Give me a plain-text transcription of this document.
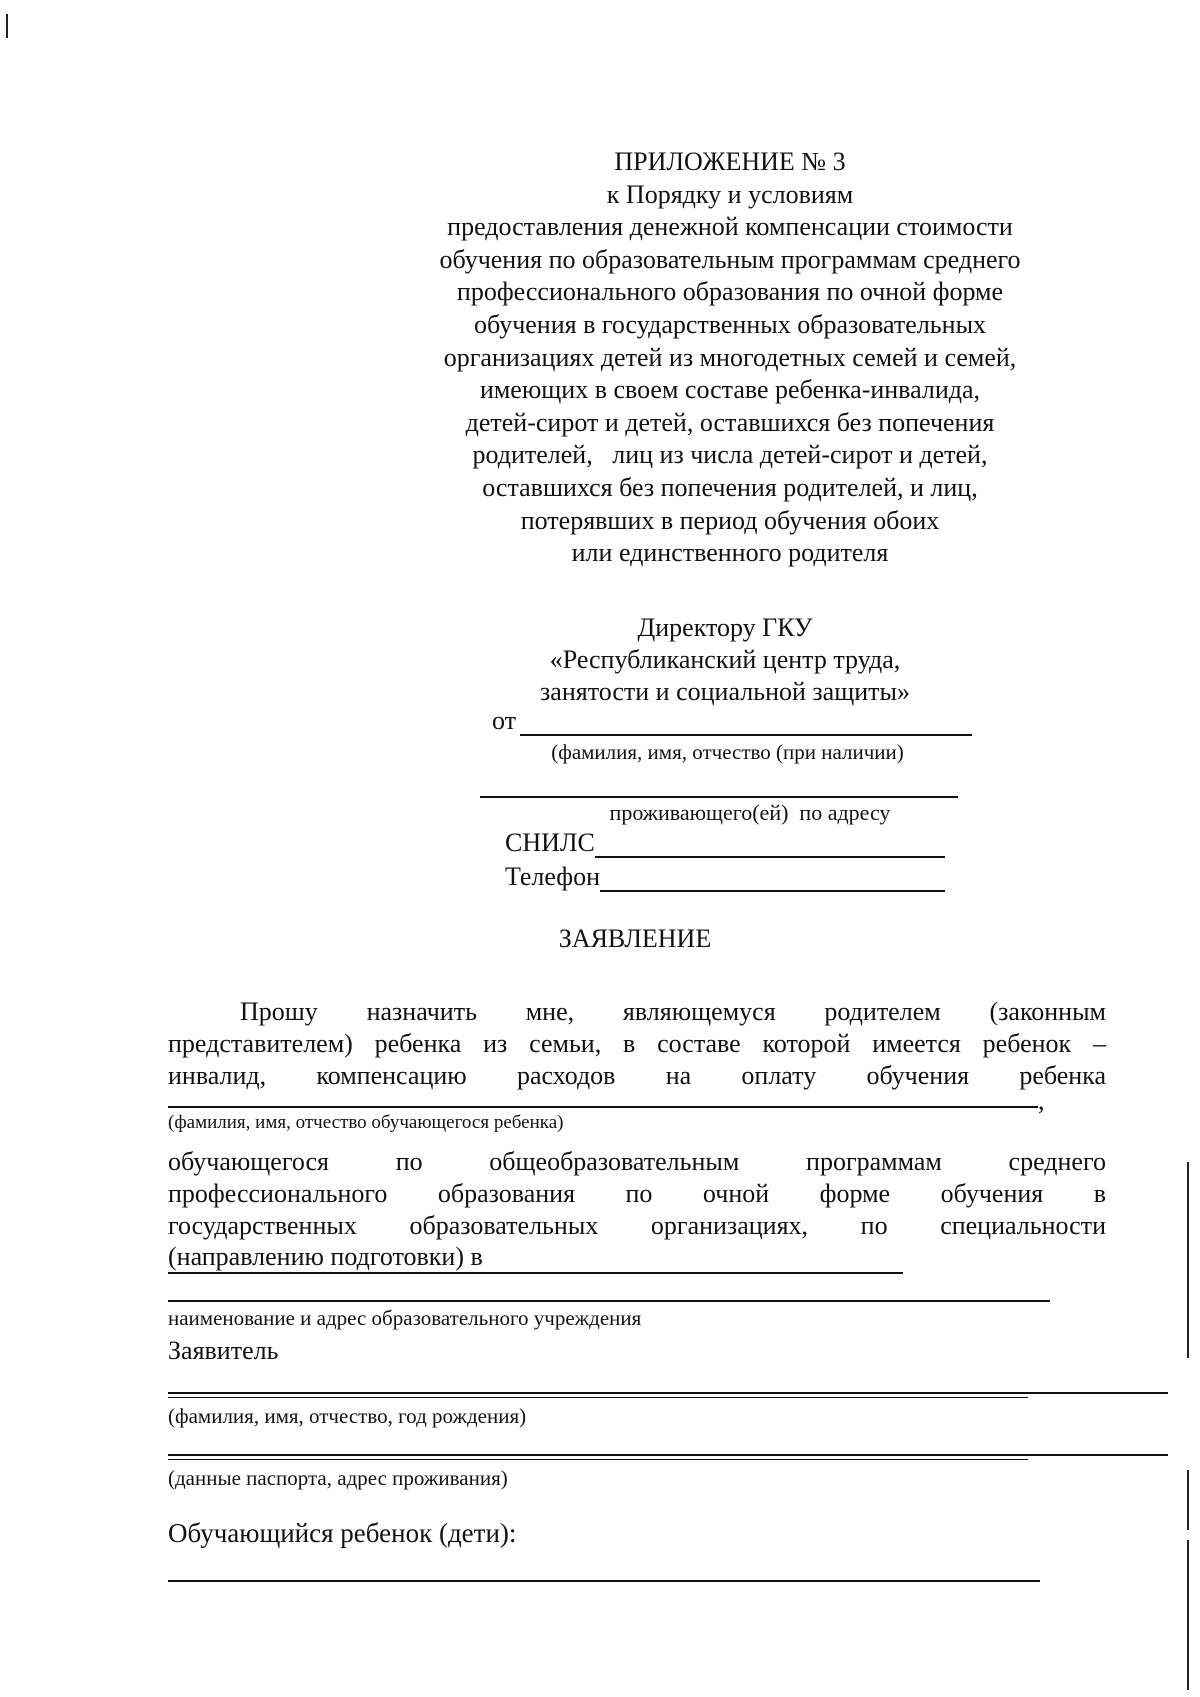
ПРИЛОЖЕНИЕ № 3
к Порядку и условиям
предоставления денежной компенсации стоимости
обучения по образовательным программам среднего
профессионального образования по очной форме
обучения в государственных образовательных
организациях детей из многодетных семей и семей,
имеющих в своем составе ребенка-инвалида,
детей-сирот и детей, оставшихся без попечения
родителей,   лиц из числа детей-сирот и детей,
оставшихся без попечения родителей, и лиц,
потерявших в период обучения обоих
или единственного родителя
Директору ГКУ
«Республиканский центр труда,
занятости и социальной защиты»
от
(фамилия, имя, отчество (при наличии)
проживающего(ей)  по адресу
СНИЛС
Телефон
ЗАЯВЛЕНИЕ
Прошу назначить мне, являющемуся родителем (законным
представителем) ребенка из семьи, в составе которой имеется ребенок –
инвалид, компенсацию расходов на оплату обучения ребенка
,
(фамилия, имя, отчество обучающегося ребенка)
обучающегося по общеобразовательным программам среднего
профессионального образования по очной форме обучения в
государственных образовательных организациях, по специальности
(направлению подготовки) в
наименование и адрес образовательного учреждения
Заявитель
(фамилия, имя, отчество, год рождения)
(данные паспорта, адрес проживания)
Обучающийся ребенок (дети):
